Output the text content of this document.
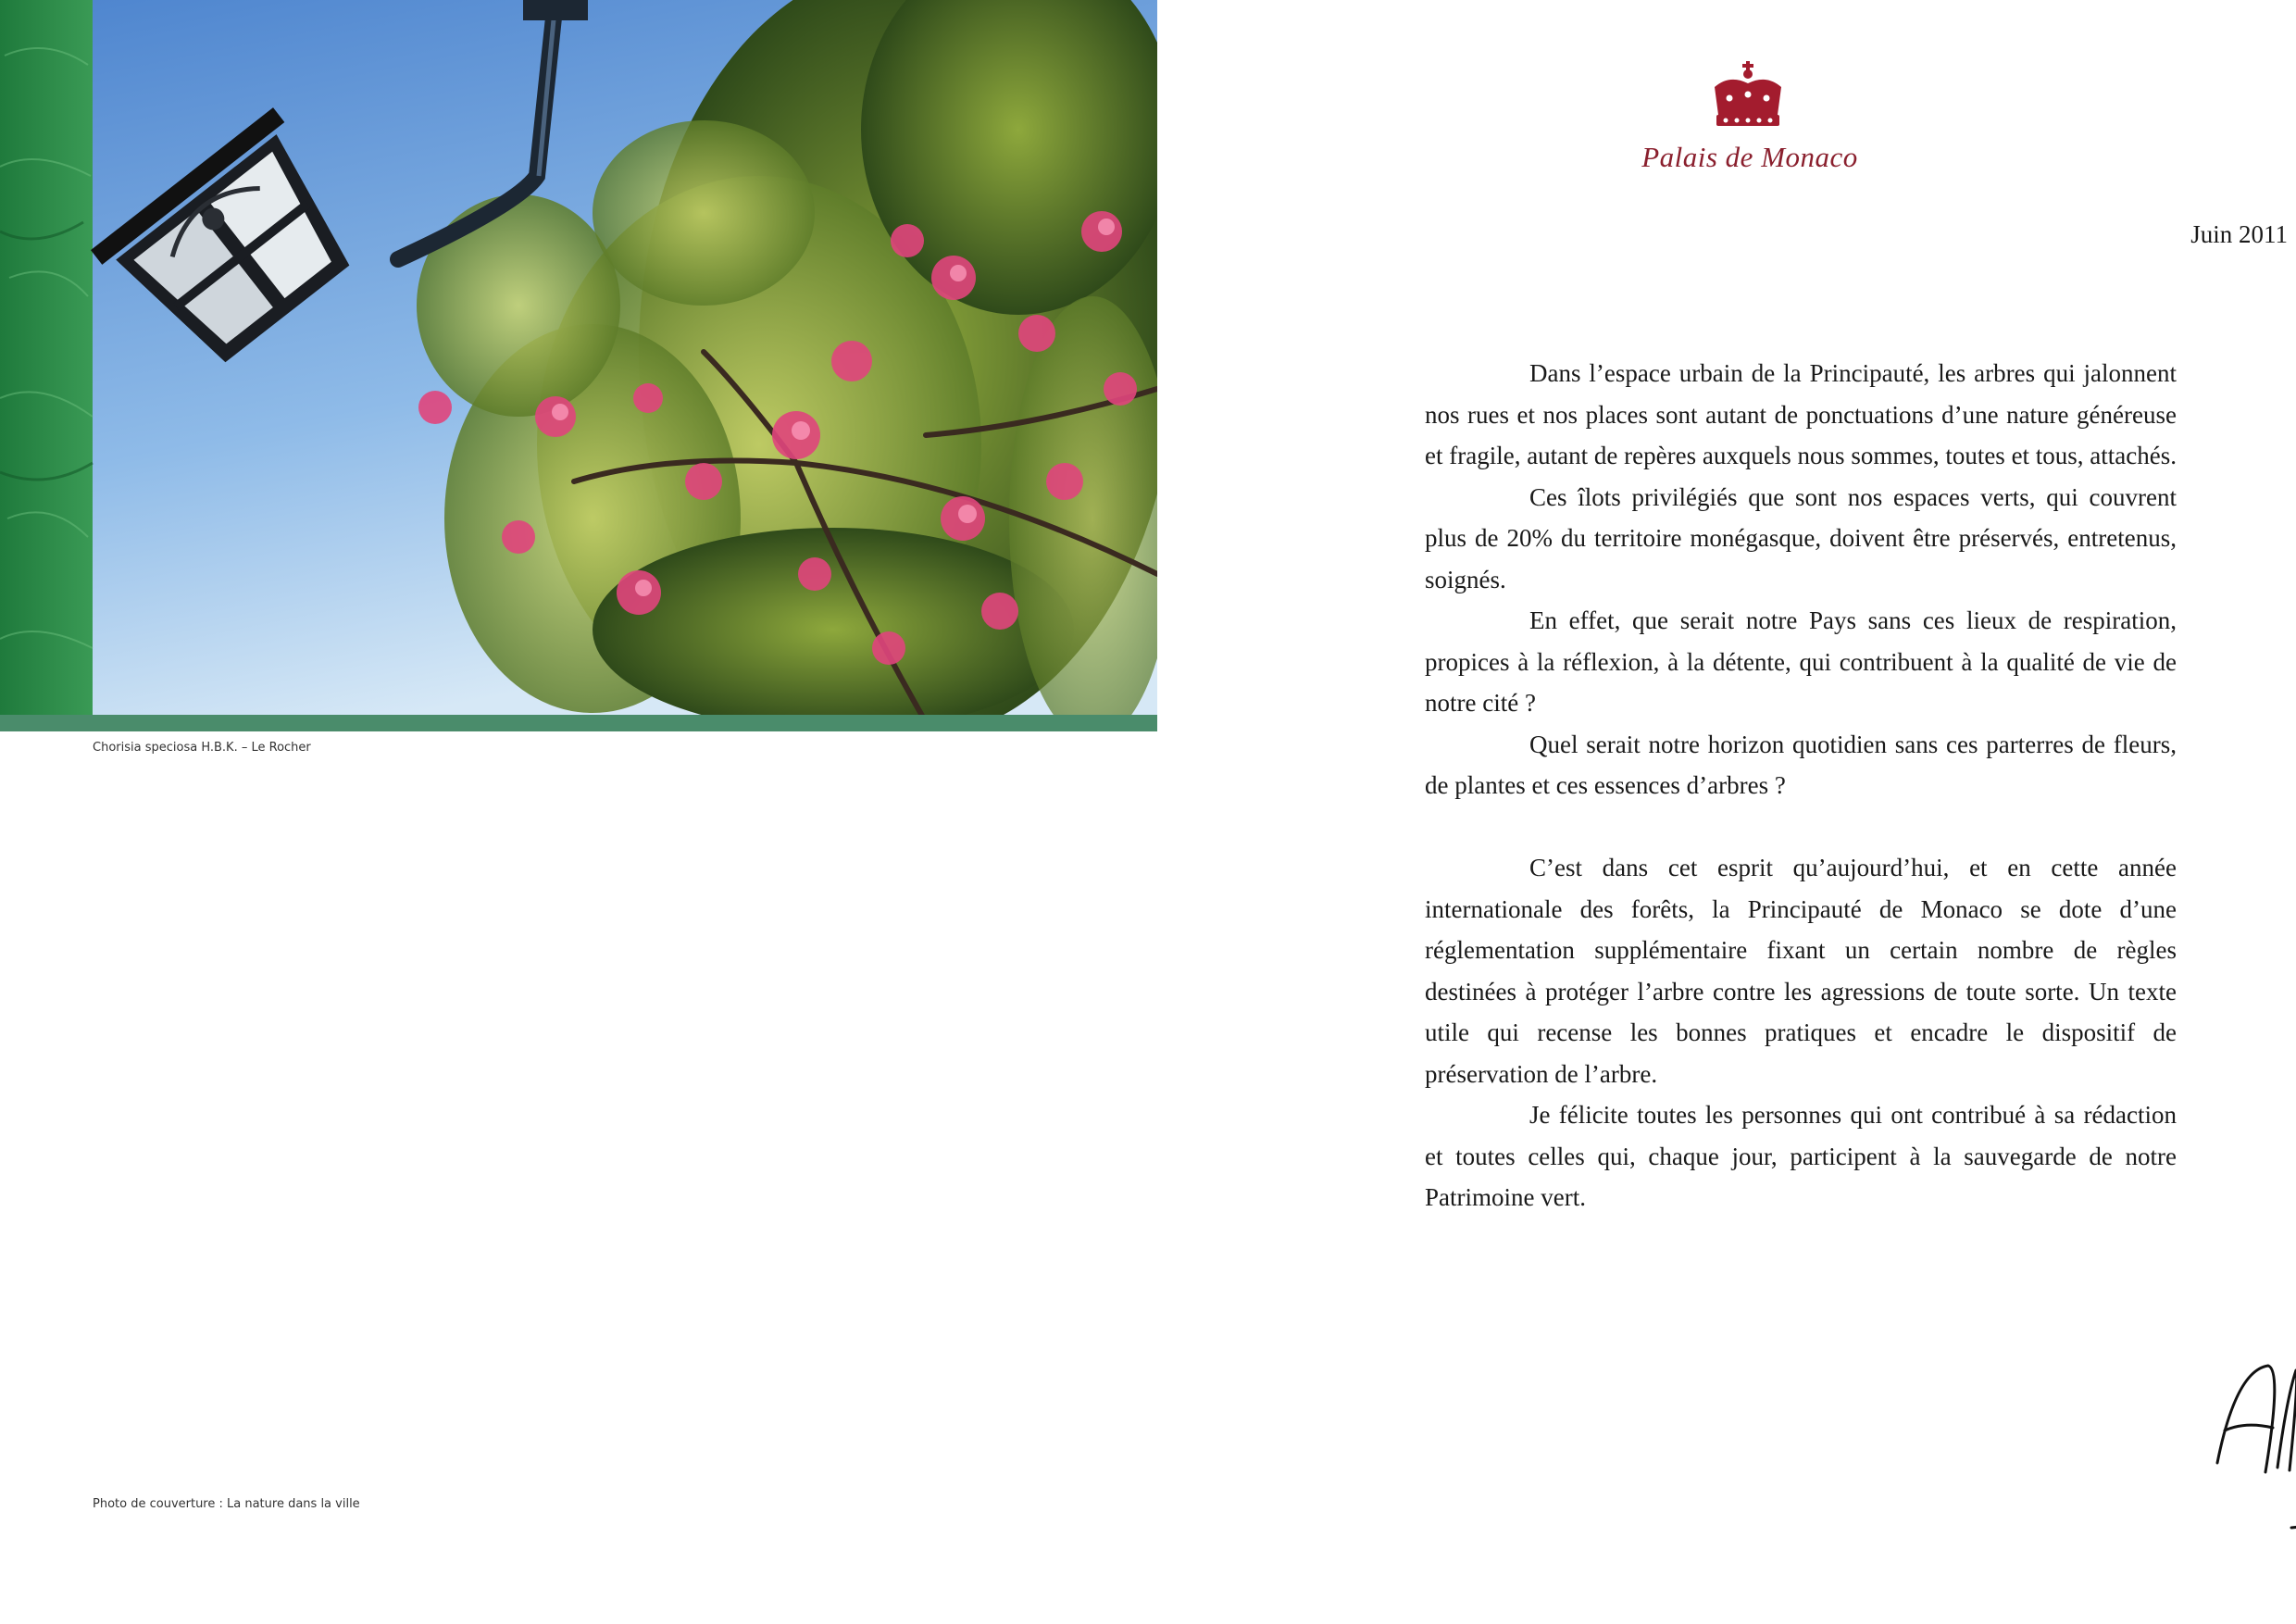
Chorisia speciosa H.B.K. – Le Rocher
Photo de couverture : La nature dans la ville
Palais de Monaco
Juin 2011

Dans l’espace urbain de la Principauté, les arbres qui jalonnent nos rues et nos places sont autant de ponctuations d’une nature généreuse et fragile, autant de repères auxquels nous sommes, toutes et tous, attachés.

Ces îlots privilégiés que sont nos espaces verts, qui couvrent plus de 20% du territoire monégasque, doivent être préservés, entretenus, soignés.

En effet, que serait notre Pays sans ces lieux de respiration, propices à la réflexion, à la détente, qui contribuent à la qualité de vie de notre cité ?

Quel serait notre horizon quotidien sans ces parterres de fleurs, de plantes et ces essences d’arbres ?

C’est dans cet esprit qu’aujourd’hui, et en cette année internationale des forêts, la Principauté de Monaco se dote d’une réglementation supplémentaire fixant un certain nombre de règles destinées à protéger l’arbre contre les agressions de toute sorte. Un texte utile qui recense les bonnes pratiques et encadre le dispositif de préservation de l’arbre.

Je félicite toutes les personnes qui ont contribué à sa rédaction et toutes celles qui, chaque jour, participent à la sauvegarde de notre Patrimoine vert.
